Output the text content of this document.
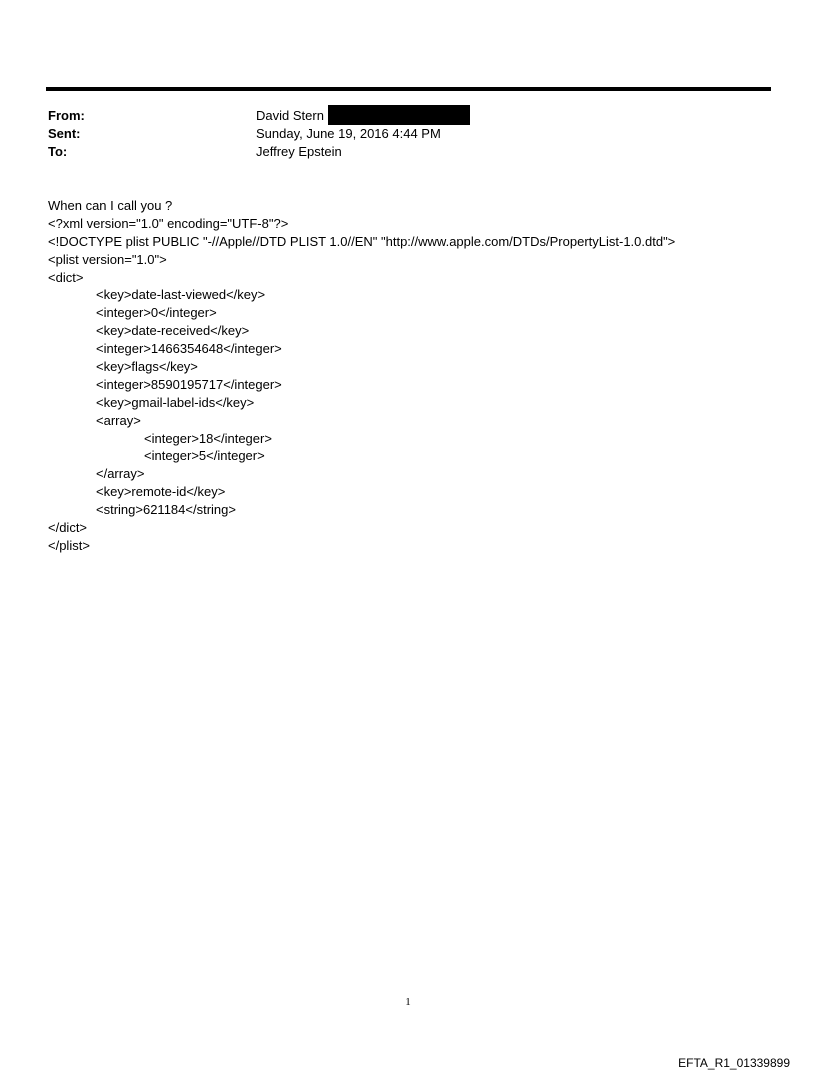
From:	David Stern
Sent:	Sunday, June 19, 2016 4:44 PM
To:	Jeffrey Epstein
When can I call you ?
<?xml version="1.0" encoding="UTF-8"?>
<!DOCTYPE plist PUBLIC "-//Apple//DTD PLIST 1.0//EN" "http://www.apple.com/DTDs/PropertyList-1.0.dtd">
<plist version="1.0">
<dict>
<key>date-last-viewed</key>
<integer>0</integer>
<key>date-received</key>
<integer>1466354648</integer>
<key>flags</key>
<integer>8590195717</integer>
<key>gmail-label-ids</key>
<array>
<integer>18</integer>
<integer>5</integer>
</array>
<key>remote-id</key>
<string>621184</string>
</dict>
</plist>
1
EFTA_R1_01339899
